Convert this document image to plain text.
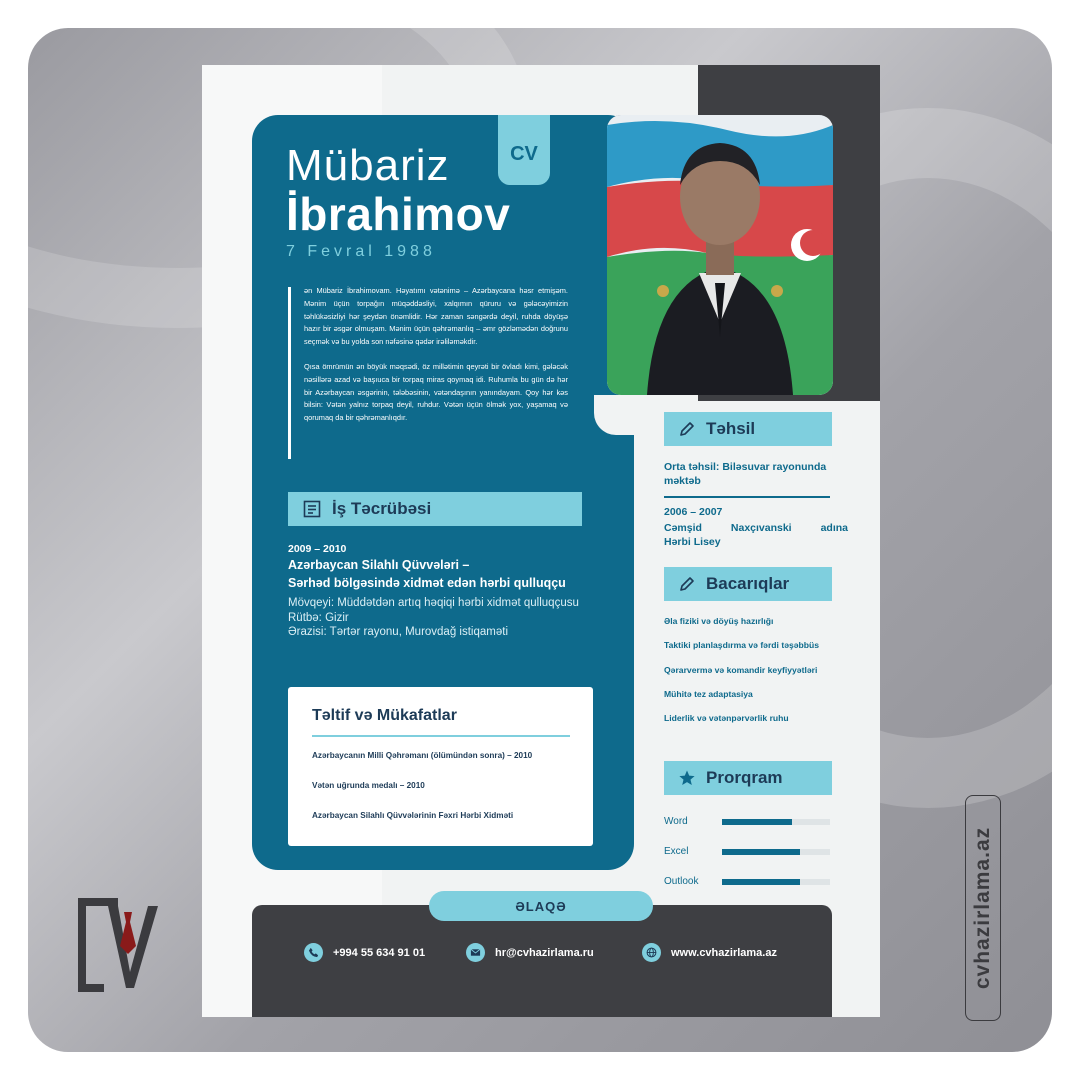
cvhazirlama.az
CV
Mübariz
İbrahimov
7 Fevral 1988

ən Mübariz İbrahimovam. Həyatımı vətənimə – Azərbaycana həsr etmişəm. Mənim üçün torpağın müqəddəsliyi, xalqımın qüruru və gələcəyimizin təhlükəsizliyi hər şeydən önəmlidir. Hər zaman səngərdə deyil, ruhda döyüşə hazır bir əsgər olmuşam. Mənim üçün qəhrəmanlıq – əmr gözləmədən doğrunu seçmək və bu yolda son nəfəsinə qədər irəliləməkdir.

Qısa ömrümün ən böyük məqsədi, öz millətimin qeyrəti bir övladı kimi, gələcək nəsillərə azad və başıuca bir torpaq miras qoymaq idi. Ruhumla bu gün də hər bir Azərbaycan əsgərinin, tələbəsinin, vətəndaşının yanındayam. Qoy hər kəs bilsin: Vətən yalnız torpaq deyil, ruhdur. Vətən üçün ölmək yox, yaşamaq və qorumaq da bir qəhrəmanlıqdır.

İş Təcrübəsi
2009 – 2010
Azərbaycan Silahlı Qüvvələri –
Sərhəd bölgəsində xidmət edən hərbi qulluqçu
Mövqeyi: Müddətdən artıq həqiqi hərbi xidmət qulluqçusu
Rütbə: Gizir
Ərazisi: Tərtər rayonu, Murovdağ istiqaməti
Təltif və Mükafatlar
Azərbaycanın Milli Qəhrəmanı (ölümündən sonra) – 2010
Vətən uğrunda medalı – 2010
Azərbaycan Silahlı Qüvvələrinin Fəxri Hərbi Xidməti
Təhsil
Orta təhsil: Biləsuvar rayonunda məktəb
2006 – 2007
Cəmşid Naxçıvanski adına
Hərbi Lisey
Bacarıqlar
Əla fiziki və döyüş hazırlığı
Taktiki planlaşdırma və fərdi təşəbbüs
Qərarvermə və komandir keyfiyyətləri
Mühitə tez adaptasiya
Liderlik və vətənpərvərlik ruhu
Prorqram
Word
Excel
Outlook
ƏLAQƏ
+994 55 634 91 01	hr@cvhazirlama.ru	www.cvhazirlama.az
